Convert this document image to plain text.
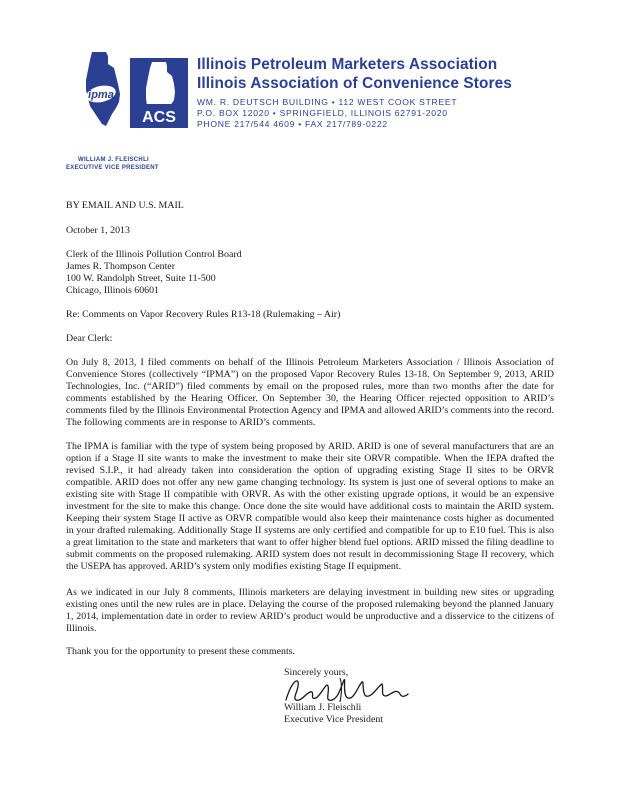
ipma
ACS
Illinois Petroleum Marketers Association
Illinois Association of Convenience Stores
WM. R. DEUTSCH BUILDING • 112 WEST COOK STREET
P.O. BOX 12020 • SPRINGFIELD, ILLINOIS 62791-2020
PHONE 217/544 4609 • FAX 217/789-0222
WILLIAM J. FLEISCHLI
EXECUTIVE VICE PRESIDENT
BY EMAIL AND U.S. MAIL
October 1, 2013
Clerk of the Illinois Pollution Control Board
James R. Thompson Center
100 W. Randolph Street, Suite 11-500
Chicago, Illinois 60601
Re: Comments on Vapor Recovery Rules R13-18 (Rulemaking – Air)
Dear Clerk:

On July 8, 2013, I filed comments on behalf of the Illinois Petroleum Marketers Association / Illinois Association of Convenience Stores (collectively “IPMA”) on the proposed Vapor Recovery Rules 13-18. On September 9, 2013, ARID Technologies, Inc. (“ARID”) filed comments by email on the proposed rules, more than two months after the date for comments established by the Hearing Officer. On September 30, the Hearing Officer rejected opposition to ARID’s comments filed by the Illinois Environmental Protection Agency and IPMA and allowed ARID’s comments into the record. The following comments are in response to ARID’s comments.

The IPMA is familiar with the type of system being proposed by ARID. ARID is one of several manufacturers that are an option if a Stage II site wants to make the investment to make their site ORVR compatible. When the IEPA drafted the revised S.I.P., it had already taken into consideration the option of upgrading existing Stage II sites to be ORVR compatible. ARID does not offer any new game changing technology. Its system is just one of several options to make an existing site with Stage II compatible with ORVR. As with the other existing upgrade options, it would be an expensive investment for the site to make this change. Once done the site would have additional costs to maintain the ARID system. Keeping their system Stage II active as ORVR compatible would also keep their maintenance costs higher as documented in your drafted rulemaking. Additionally Stage II systems are only certified and compatible for up to E10 fuel. This is also a great limitation to the state and marketers that want to offer higher blend fuel options. ARID missed the filing deadline to submit comments on the proposed rulemaking. ARID system does not result in decommissioning Stage II recovery, which the USEPA has approved. ARID’s system only modifies existing Stage II equipment.

As we indicated in our July 8 comments, Illinois marketers are delaying investment in building new sites or upgrading existing ones until the new rules are in place. Delaying the course of the proposed rulemaking beyond the planned January 1, 2014, implementation date in order to review ARID’s product would be unproductive and a disservice to the citizens of Illinois.

Thank you for the opportunity to present these comments.
Sincerely yours,
William J. Fleischli
Executive Vice President
